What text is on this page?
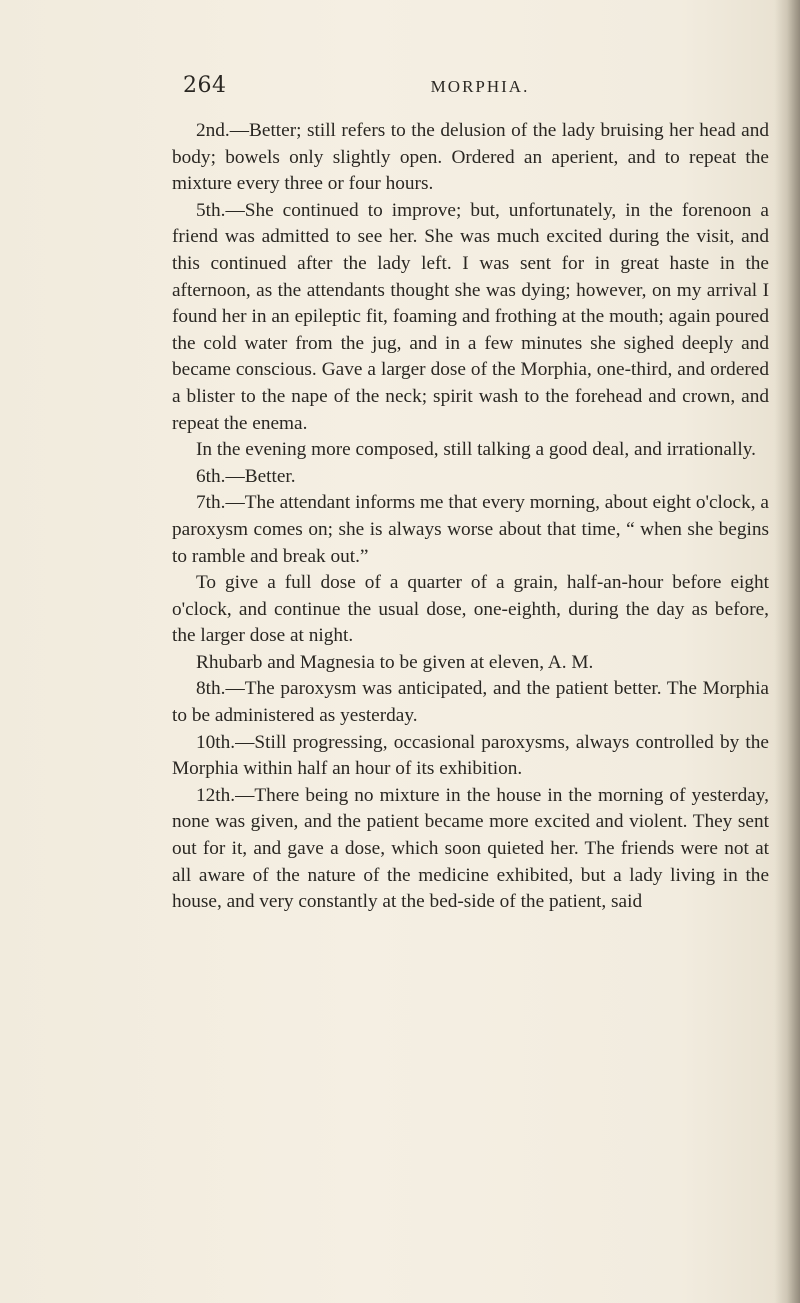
264	MORPHIA.

2nd.—Better; still refers to the delusion of the lady bruising her head and body; bowels only slightly open. Ordered an aperient, and to repeat the mixture every three or four hours.

5th.—She continued to improve; but, unfortunately, in the forenoon a friend was admitted to see her. She was much excited during the visit, and this continued after the lady left. I was sent for in great haste in the afternoon, as the attendants thought she was dying; however, on my arrival I found her in an epileptic fit, foaming and frothing at the mouth; again poured the cold water from the jug, and in a few minutes she sighed deeply and became conscious. Gave a larger dose of the Morphia, one-third, and ordered a blister to the nape of the neck; spirit wash to the forehead and crown, and repeat the enema.

In the evening more composed, still talking a good deal, and irrationally.

6th.—Better.

7th.—The attendant informs me that every morning, about eight o'clock, a paroxysm comes on; she is always worse about that time, “ when she begins to ramble and break out.”

To give a full dose of a quarter of a grain, half-an-hour before eight o'clock, and continue the usual dose, one-eighth, during the day as before, the larger dose at night.

Rhubarb and Magnesia to be given at eleven, A. M.

8th.—The paroxysm was anticipated, and the patient better. The Morphia to be administered as yesterday.

10th.—Still progressing, occasional paroxysms, always controlled by the Morphia within half an hour of its exhibition.

12th.—There being no mixture in the house in the morning of yesterday, none was given, and the patient became more excited and violent. They sent out for it, and gave a dose, which soon quieted her. The friends were not at all aware of the nature of the medicine exhibited, but a lady living in the house, and very constantly at the bed-side of the patient, said
